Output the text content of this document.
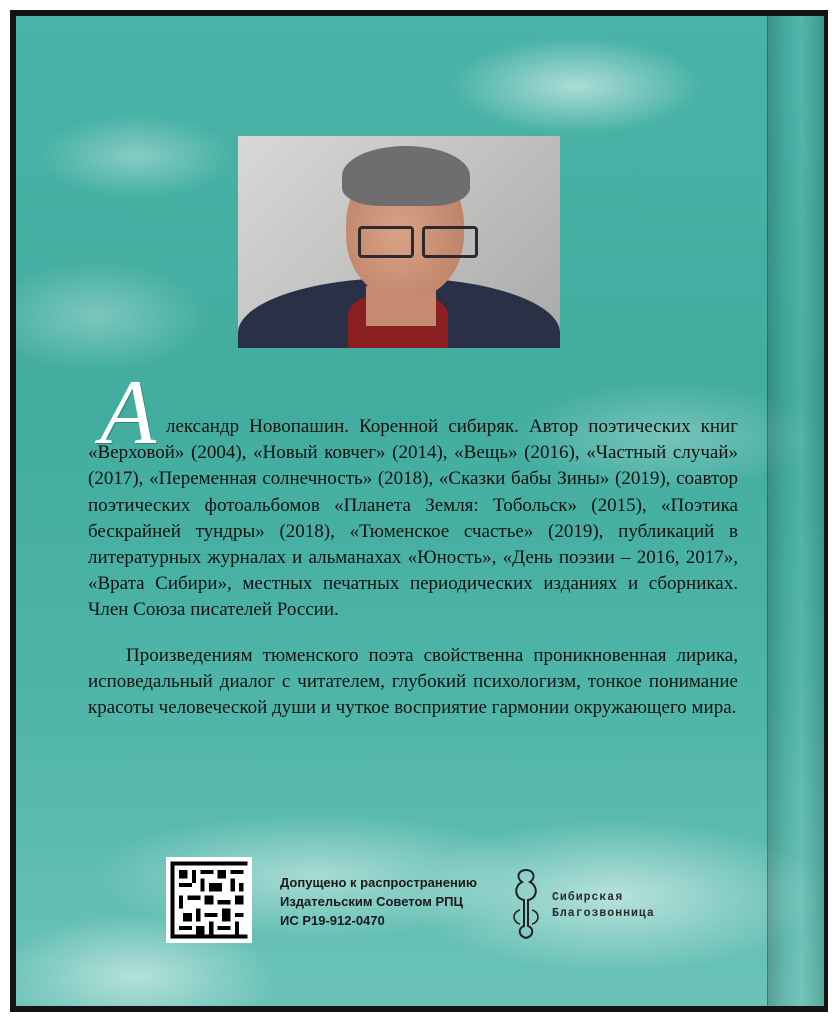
А лександр Новопашин. Коренной сибиряк. Автор поэтических книг «Верховой» (2004), «Новый ковчег» (2014), «Вещь» (2016), «Частный случай» (2017), «Переменная солнечность» (2018), «Сказки бабы Зины» (2019), соавтор поэтических фотоальбомов «Планета Земля: Тобольск» (2015), «Поэтика бескрайней тундры» (2018), «Тюменское счастье» (2019), публикаций в литературных журналах и альманахах «Юность», «День поэзии – 2016, 2017», «Врата Сибири», местных печатных периодических изданиях и сборниках. Член Союза писателей России.

Произведениям тюменского поэта свойственна проникновенная лирика, исповедальный диалог с читателем, глубокий психологизм, тонкое понимание красоты человеческой души и чуткое восприятие гармонии окружающего мира.

Допущено к распространению
Издательским Советом РПЦ
ИС Р19-912-0470
Сибирская
Благозвонница
